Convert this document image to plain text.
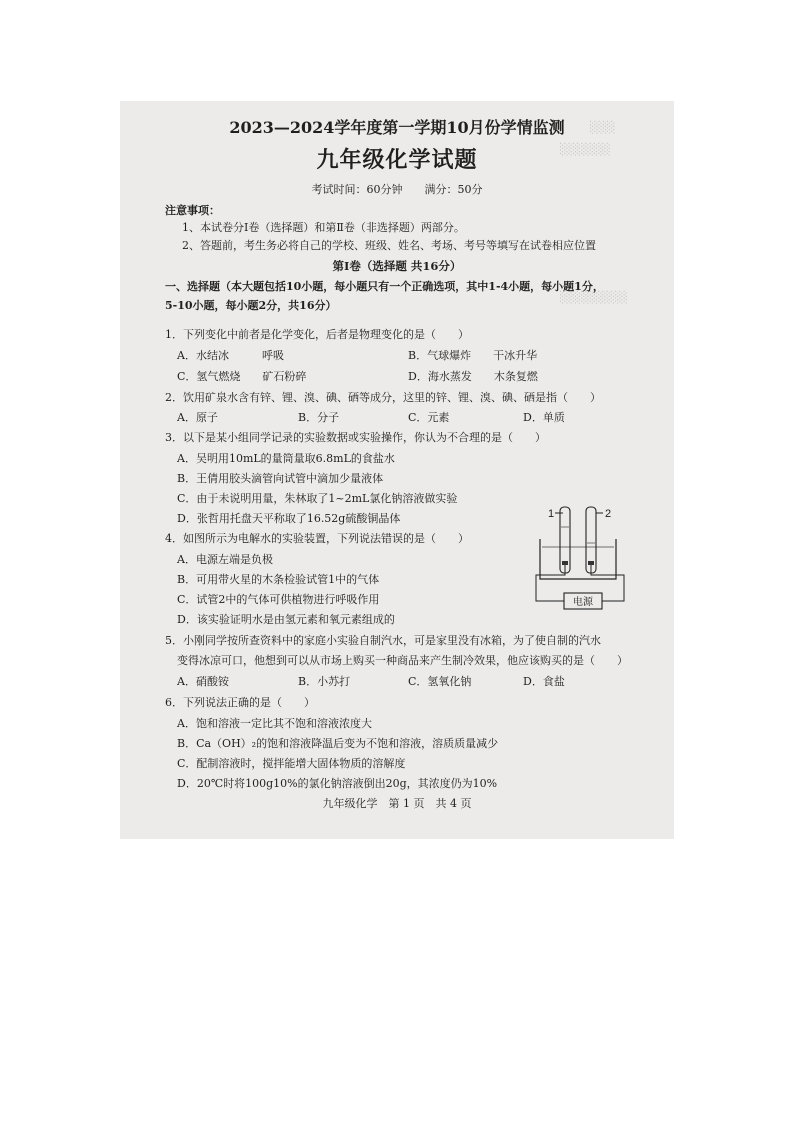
░░░
░░░░░░
░░░░░░░░
2023—2024学年度第一学期10月份学情监测
九年级化学试题
考试时间：60分钟　　满分：50分
注意事项：
1、本试卷分Ⅰ卷（选择题）和第Ⅱ卷（非选择题）两部分。
2、答题前，考生务必将自己的学校、班级、姓名、考场、考号等填写在试卷相应位置
第Ⅰ卷（选择题 共16分）
一、选择题（本大题包括10小题，每小题只有一个正确选项，其中1-4小题，每小题1分，
5-10小题，每小题2分，共16分）
1．下列变化中前者是化学变化，后者是物理变化的是（　　）
A．水结冰　　　呼吸	B．气球爆炸　　干冰升华
C．氢气燃烧　　矿石粉碎	D．海水蒸发　　木条复燃
2．饮用矿泉水含有锌、锂、溴、碘、硒等成分，这里的锌、锂、溴、碘、硒是指（　　）
A．原子	B．分子	C．元素	D．单质
3．以下是某小组同学记录的实验数据或实验操作，你认为不合理的是（　　）
A．吴明用10mL的量筒量取6.8mL的食盐水
B．王倩用胶头滴管向试管中滴加少量液体
C．由于未说明用量，朱林取了1~2mL氯化钠溶液做实验
D．张哲用托盘天平称取了16.52g硫酸铜晶体
4．如图所示为电解水的实验装置，下列说法错误的是（　　）
A．电源左端是负极
B．可用带火星的木条检验试管1中的气体
C．试管2中的气体可供植物进行呼吸作用
D．该实验证明水是由氢元素和氧元素组成的
1	2
电源
5．小刚同学按所查资料中的家庭小实验自制汽水，可是家里没有冰箱，为了使自制的汽水
变得冰凉可口，他想到可以从市场上购买一种商品来产生制冷效果，他应该购买的是（　　）
A．硝酸铵	B．小苏打	C．氢氧化钠	D．食盐
6．下列说法正确的是（　　）
A．饱和溶液一定比其不饱和溶液浓度大
B．Ca（OH）₂的饱和溶液降温后变为不饱和溶液，溶质质量减少
C．配制溶液时，搅拌能增大固体物质的溶解度
D．20℃时将100g10%的氯化钠溶液倒出20g，其浓度仍为10%
九年级化学　第 1 页　共 4 页
